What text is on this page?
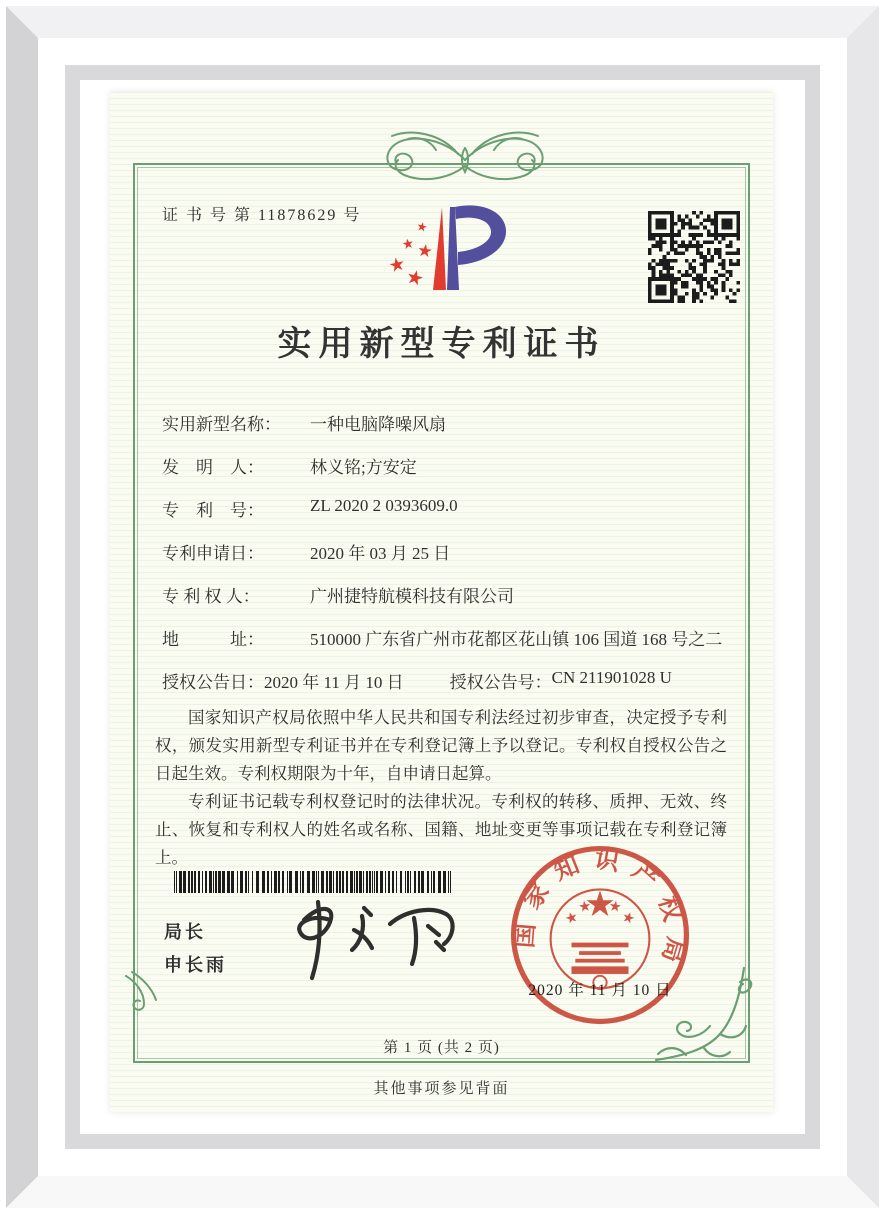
证 书 号 第 11878629 号
实用新型专利证书
实用新型名称：	一种电脑降噪风扇
发　明　人：	林义铭;方安定
专　利　号：	ZL 2020 2 0393609.0
专利申请日：	2020 年 03 月 25 日
专 利 权 人：	广州捷特航模科技有限公司
地　　　址：	510000 广东省广州市花都区花山镇 106 国道 168 号之二
授权公告日： 2020 年 11 月 10 日	授权公告号： CN 211901028 U

国家知识产权局依照中华人民共和国专利法经过初步审查，决定授予专利权，颁发实用新型专利证书并在专利登记簿上予以登记。专利权自授权公告之日起生效。专利权期限为十年，自申请日起算。

专利证书记载专利权登记时的法律状况。专利权的转移、质押、无效、终止、恢复和专利权人的姓名或名称、国籍、地址变更等事项记载在专利登记簿上。

局长
申长雨
2020 年 11 月 10 日
国家知识产权局
第 1 页 (共 2 页)
其他事项参见背面
